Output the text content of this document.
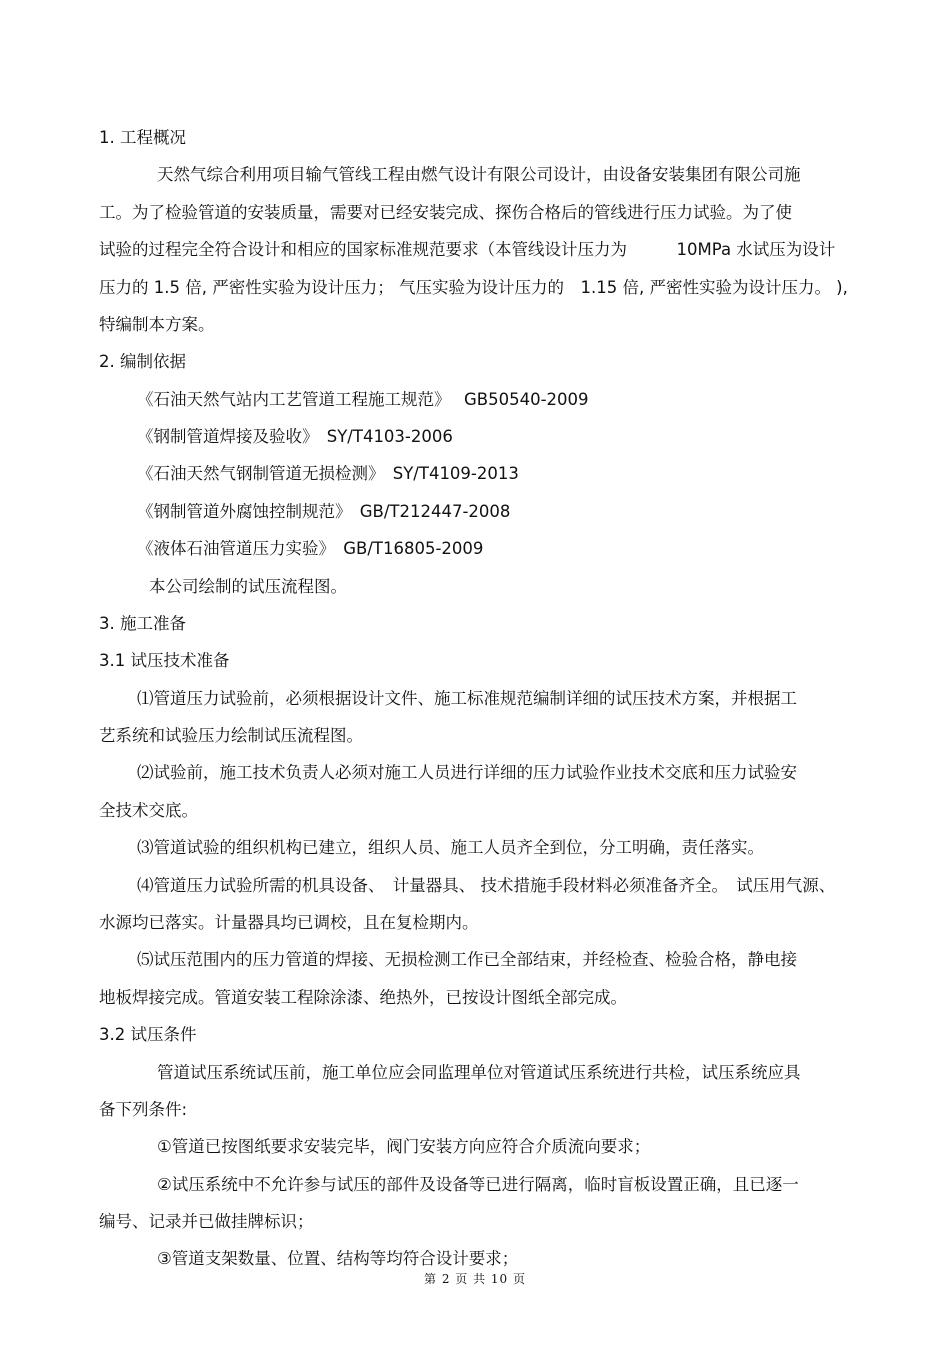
1. 工程概况
天然气综合利用项目输气管线工程由燃气设计有限公司设计，由设备安装集团有限公司施
工。为了检验管道的安装质量，需要对已经安装完成、探伤合格后的管线进行压力试验。为了使
试验的过程完全符合设计和相应的国家标准规范要求（本管线设计压力为　　　10MPa 水试压为设计
压力的 1.5 倍, 严密性实验为设计压力； 气压实验为设计压力的　1.15 倍, 严密性实验为设计压力。 ),
特编制本方案。
2. 编制依据
《石油天然气站内工艺管道工程施工规范》　 GB50540-2009
《钢制管道焊接及验收》　SY/T4103-2006
《石油天然气钢制管道无损检测》　SY/T4109-2013
《钢制管道外腐蚀控制规范》　GB/T212447-2008
《液体石油管道压力实验》　GB/T16805-2009
本公司绘制的试压流程图。
3. 施工准备
3.1 试压技术准备
⑴管道压力试验前，必须根据设计文件、施工标准规范编制详细的试压技术方案，并根据工
艺系统和试验压力绘制试压流程图。
⑵试验前，施工技术负责人必须对施工人员进行详细的压力试验作业技术交底和压力试验安
全技术交底。
⑶管道试验的组织机构已建立，组织人员、施工人员齐全到位，分工明确，责任落实。
⑷管道压力试验所需的机具设备、　计量器具、 技术措施手段材料必须准备齐全。　试压用气源、
水源均已落实。计量器具均已调校，且在复检期内。
⑸试压范围内的压力管道的焊接、无损检测工作已全部结束，并经检查、检验合格，静电接
地板焊接完成。管道安装工程除涂漆、绝热外，已按设计图纸全部完成。
3.2 试压条件
管道试压系统试压前，施工单位应会同监理单位对管道试压系统进行共检，试压系统应具
备下列条件:
①管道已按图纸要求安装完毕，阀门安装方向应符合介质流向要求；
②试压系统中不允许参与试压的部件及设备等已进行隔离，临时盲板设置正确，且已逐一
编号、记录并已做挂牌标识；
③管道支架数量、位置、结构等均符合设计要求；
第 2 页 共 10 页
